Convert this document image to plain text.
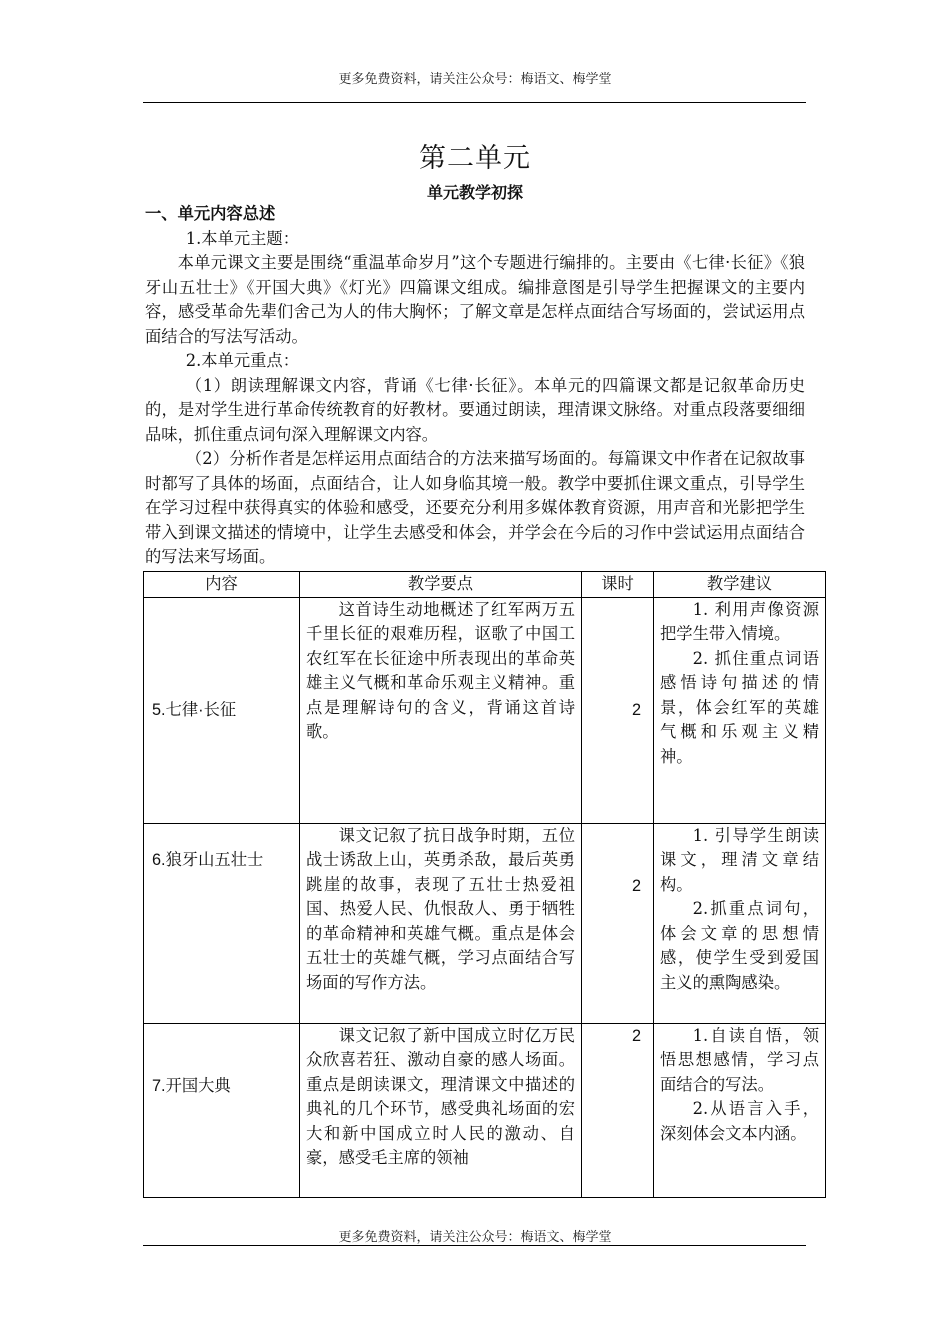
更多免费资料，请关注公众号：梅语文、梅学堂
第二单元
单元教学初探

一、单元内容总述

1.本单元主题：

本单元课文主要是围绕“重温革命岁月”这个专题进行编排的。主要由《七律·长征》《狼牙山五壮士》《开国大典》《灯光》四篇课文组成。编排意图是引导学生把握课文的主要内容，感受革命先辈们舍己为人的伟大胸怀；了解文章是怎样点面结合写场面的，尝试运用点面结合的写法写活动。

2.本单元重点：

（1）朗读理解课文内容，背诵《七律·长征》。本单元的四篇课文都是记叙革命历史的，是对学生进行革命传统教育的好教材。要通过朗读，理清课文脉络。对重点段落要细细品味，抓住重点词句深入理解课文内容。

（2）分析作者是怎样运用点面结合的方法来描写场面的。每篇课文中作者在记叙故事时都写了具体的场面，点面结合，让人如身临其境一般。教学中要抓住课文重点，引导学生在学习过程中获得真实的体验和感受，还要充分利用多媒体教育资源，用声音和光影把学生带入到课文描述的情境中，让学生去感受和体会，并学会在今后的习作中尝试运用点面结合的写法来写场面。

内容	教学要点	课时	教学建议
5.七律·长征	这首诗生动地概述了红军两万五千里长征的艰难历程，讴歌了中国工农红军在长征途中所表现出的革命英雄主义气概和革命乐观主义精神。重点是理解诗句的含义，背诵这首诗歌。	2	1. 利用声像资源把学生带入情境。
2. 抓住重点词语感悟诗句描述的情景，体会红军的英雄气概和乐观主义精神。

6.狼牙山五壮士	课文记叙了抗日战争时期，五位战士诱敌上山，英勇杀敌，最后英勇跳崖的故事，表现了五壮士热爱祖国、热爱人民、仇恨敌人、勇于牺牲的革命精神和英雄气概。重点是体会五壮士的英雄气概，学习点面结合写场面的写作方法。	2	1. 引导学生朗读课文，理清文章结构。
2.抓重点词句，体会文章的思想情感，使学生受到爱国主义的熏陶感染。

7.开国大典	课文记叙了新中国成立时亿万民众欣喜若狂、激动自豪的感人场面。重点是朗读课文，理清课文中描述的典礼的几个环节，感受典礼场面的宏大和新中国成立时人民的激动、自豪，感受毛主席的领袖	2	1.自读自悟，领悟思想感情，学习点面结合的写法。
2.从语言入手，深刻体会文本内涵。
更多免费资料，请关注公众号：梅语文、梅学堂
